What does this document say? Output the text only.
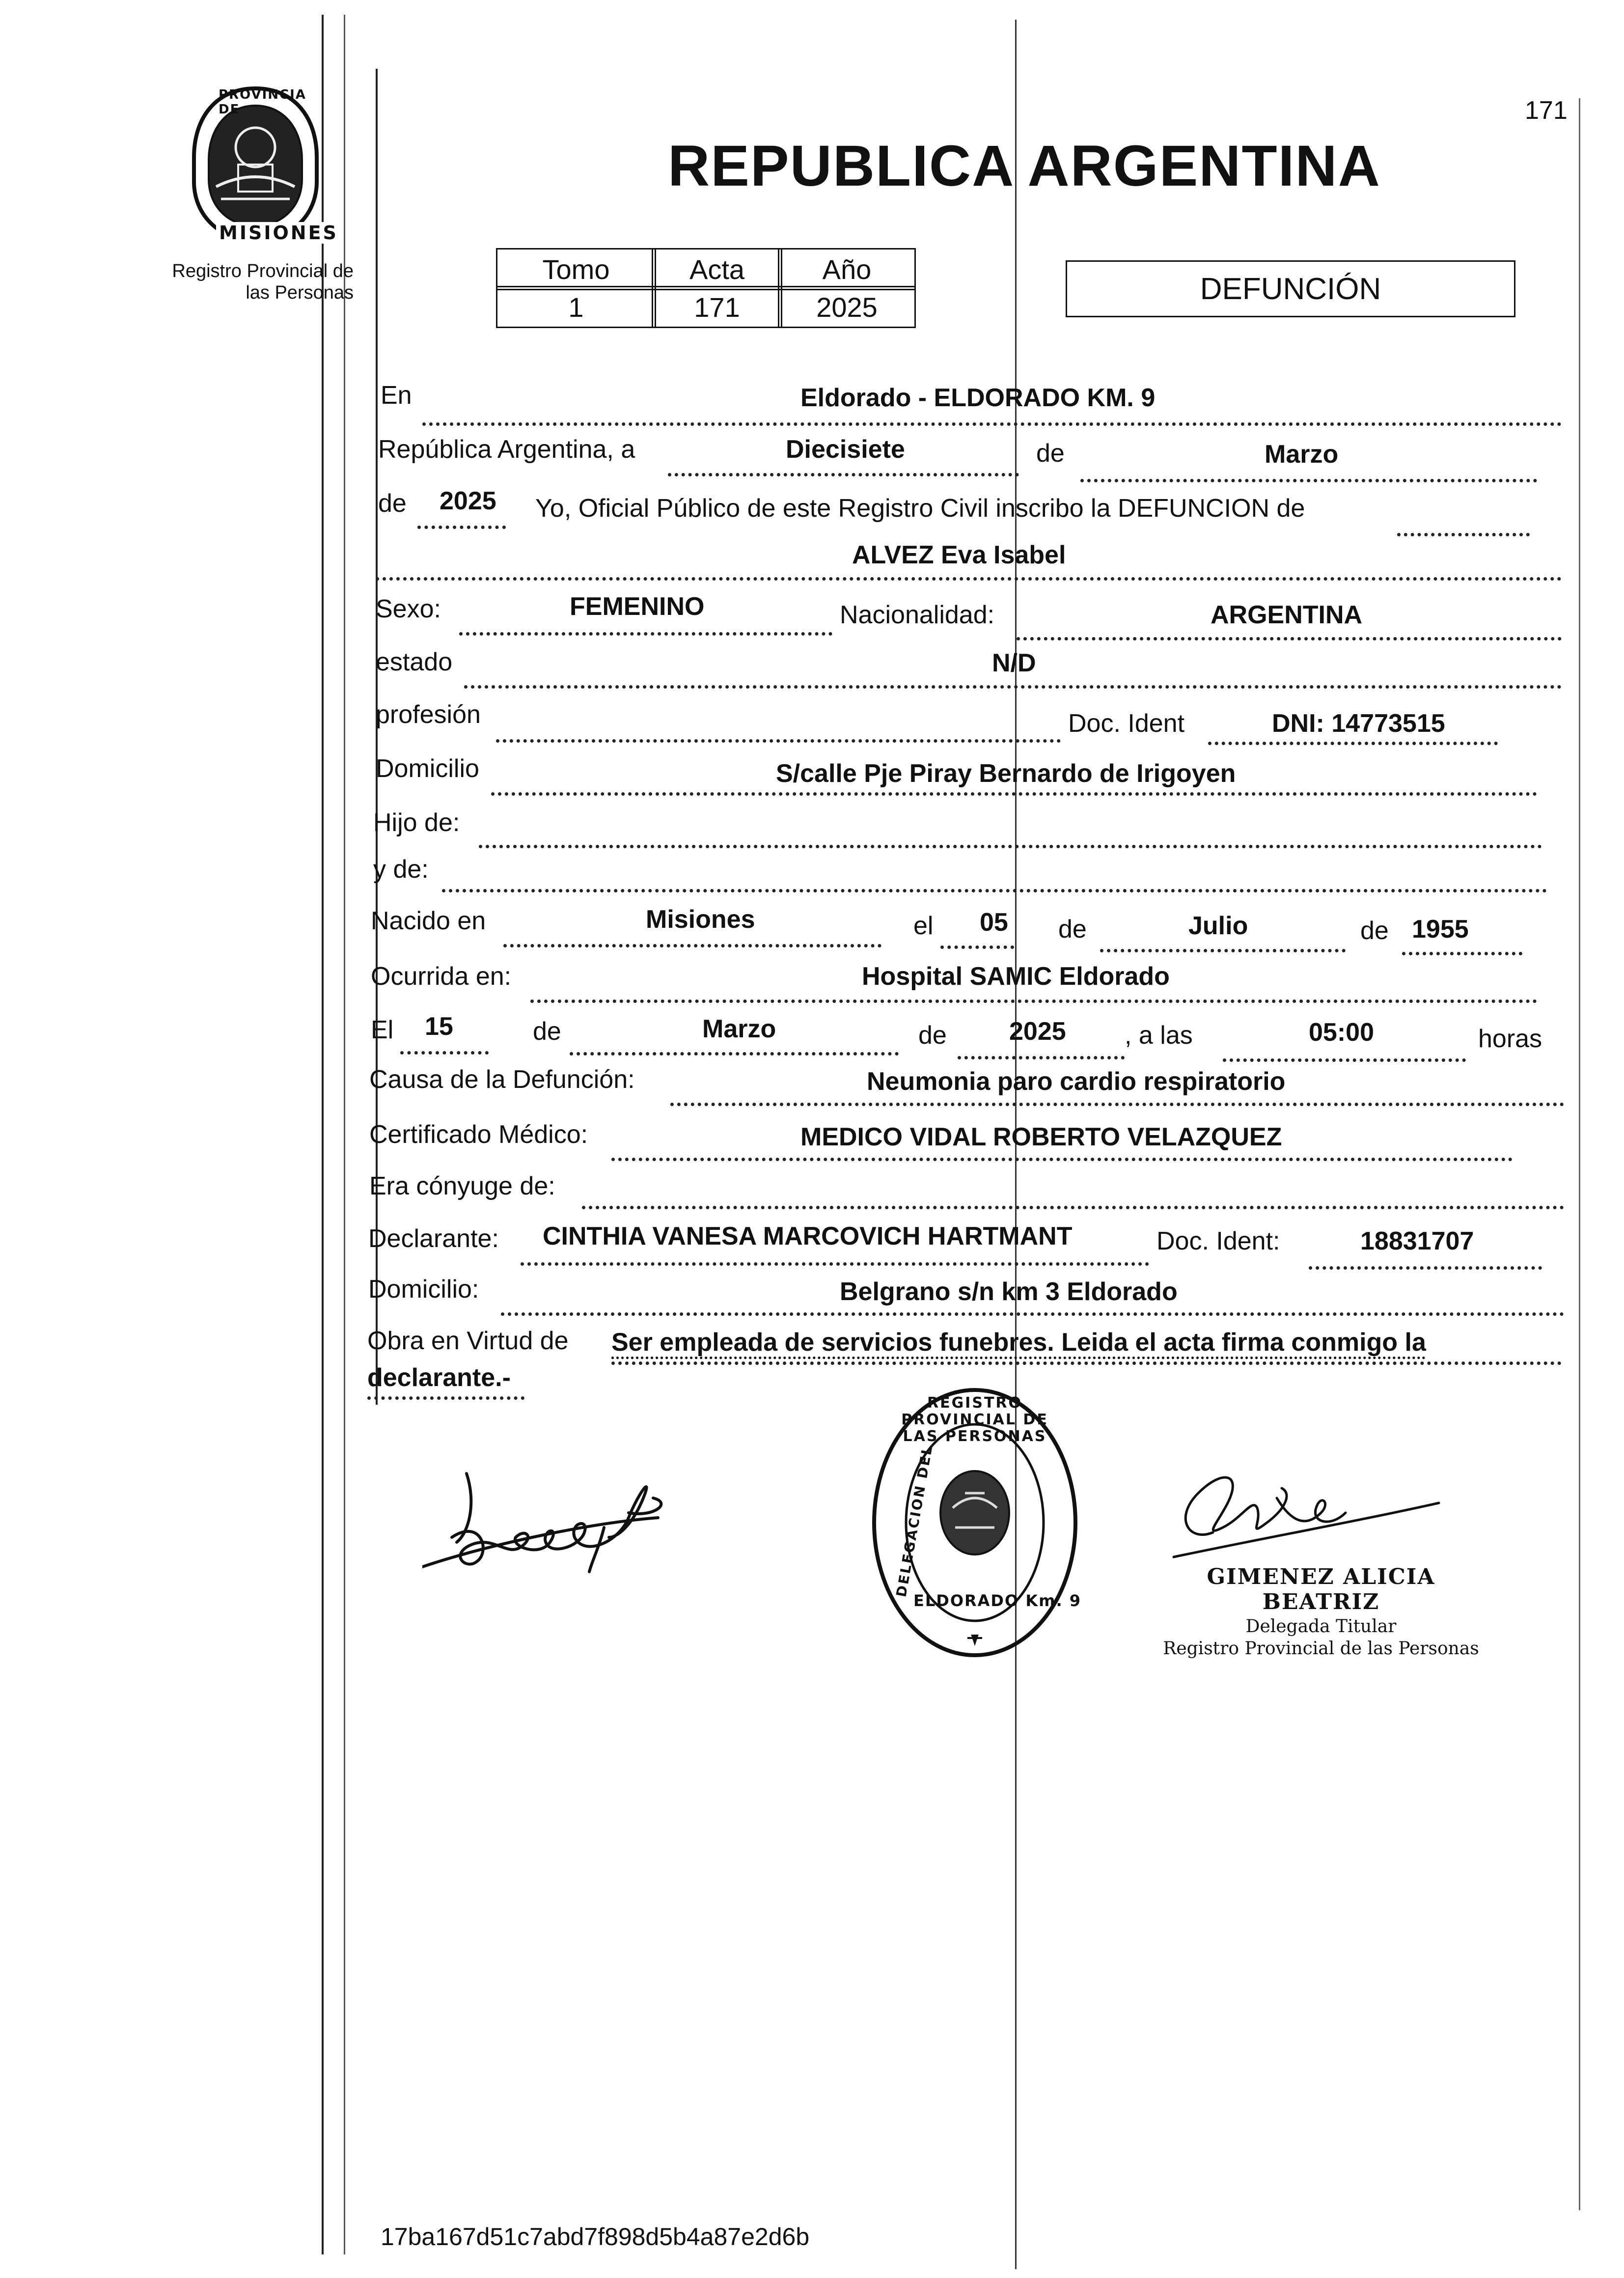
PROVINCIA DE
MISIONES
Registro Provincial de
las Personas
171
REPUBLICA ARGENTINA
Tomo	Acta	Año
1	171	2025
DEFUNCIÓN
En	Eldorado - ELDORADO KM. 9
República Argentina, a	Diecisiete	de	Marzo
de 2025 Yo, Oficial Público de este Registro Civil inscribo la DEFUNCION de
ALVEZ Eva Isabel
Sexo:	FEMENINO	Nacionalidad:	ARGENTINA
estado	N/D
profesión	Doc. Ident	DNI: 14773515
Domicilio	S/calle Pje Piray Bernardo de Irigoyen
Hijo de:
y de:
Nacido en	Misiones	el 05 de	Julio	de 1955
Ocurrida en:	Hospital SAMIC Eldorado
El 15	de	Marzo	de 2025 , a las	05:00	horas
Causa de la Defunción:	Neumonia paro cardio respiratorio
Certificado Médico:	MEDICO VIDAL ROBERTO VELAZQUEZ
Era cónyuge de:
Declarante: CINTHIA VANESA MARCOVICH HARTMANT	Doc. Ident:	18831707
Domicilio:	Belgrano s/n km 3 Eldorado
Obra en Virtud de Ser empleada de servicios funebres. Leida el acta firma conmigo la
declarante.-
REGISTRO PROVINCIAL DE LAS PERSONAS
DELEGACION DEL
ELDORADO Km. 9
GIMENEZ ALICIA BEATRIZ
Delegada Titular
Registro Provincial de las Personas
17ba167d51c7abd7f898d5b4a87e2d6b
